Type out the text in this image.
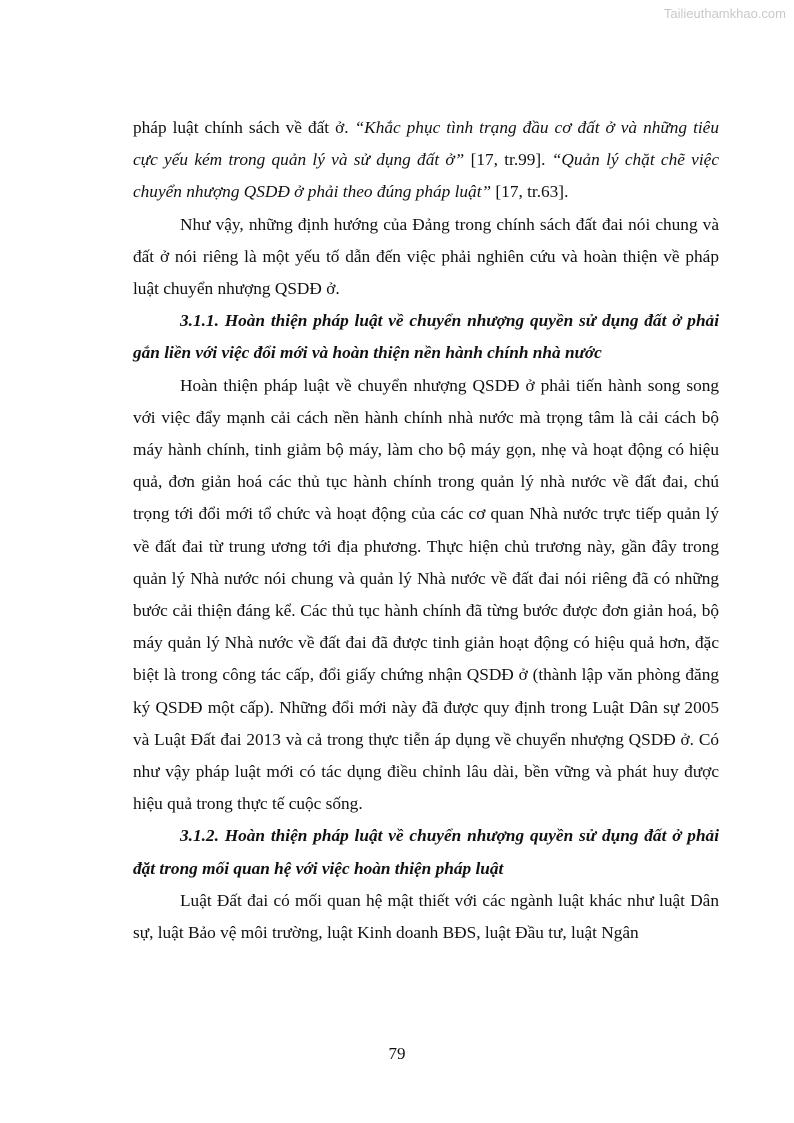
Tailieuthamkhao.com

pháp luật chính sách về đất ở. “Khắc phục tình trạng đầu cơ đất ở và những tiêu cực yếu kém trong quản lý và sử dụng đất ở” [17, tr.99]. “Quản lý chặt chẽ việc chuyển nhượng QSDĐ ở phải theo đúng pháp luật” [17, tr.63].

Như vậy, những định hướng của Đảng trong chính sách đất đai nói chung và đất ở nói riêng là một yếu tố dẫn đến việc phải nghiên cứu và hoàn thiện về pháp luật chuyển nhượng QSDĐ ở.

3.1.1. Hoàn thiện pháp luật về chuyển nhượng quyền sử dụng đất ở phải gắn liền với việc đổi mới và hoàn thiện nền hành chính nhà nước

Hoàn thiện pháp luật về chuyển nhượng QSDĐ ở phải tiến hành song song với việc đẩy mạnh cải cách nền hành chính nhà nước mà trọng tâm là cải cách bộ máy hành chính, tinh giảm bộ máy, làm cho bộ máy gọn, nhẹ và hoạt động có hiệu quả, đơn giản hoá các thủ tục hành chính trong quản lý nhà nước về đất đai, chú trọng tới đổi mới tổ chức và hoạt động của các cơ quan Nhà nước trực tiếp quản lý về đất đai từ trung ương tới địa phương. Thực hiện chủ trương này, gần đây trong quản lý Nhà nước nói chung và quản lý Nhà nước về đất đai nói riêng đã có những bước cải thiện đáng kể. Các thủ tục hành chính đã từng bước được đơn giản hoá, bộ máy quản lý Nhà nước về đất đai đã được tinh giản hoạt động có hiệu quả hơn, đặc biệt là trong công tác cấp, đổi giấy chứng nhận QSDĐ ở (thành lập văn phòng đăng ký QSDĐ một cấp). Những đổi mới này đã được quy định trong Luật Dân sự 2005 và Luật Đất đai 2013 và cả trong thực tiễn áp dụng về chuyển nhượng QSDĐ ở. Có như vậy pháp luật mới có tác dụng điều chỉnh lâu dài, bền vững và phát huy được hiệu quả trong thực tế cuộc sống.

3.1.2. Hoàn thiện pháp luật về chuyển nhượng quyền sử dụng đất ở phải đặt trong mối quan hệ với việc hoàn thiện pháp luật

Luật Đất đai có mối quan hệ mật thiết với các ngành luật khác như luật Dân sự, luật Bảo vệ môi trường, luật Kinh doanh BĐS, luật Đầu tư, luật Ngân

79
